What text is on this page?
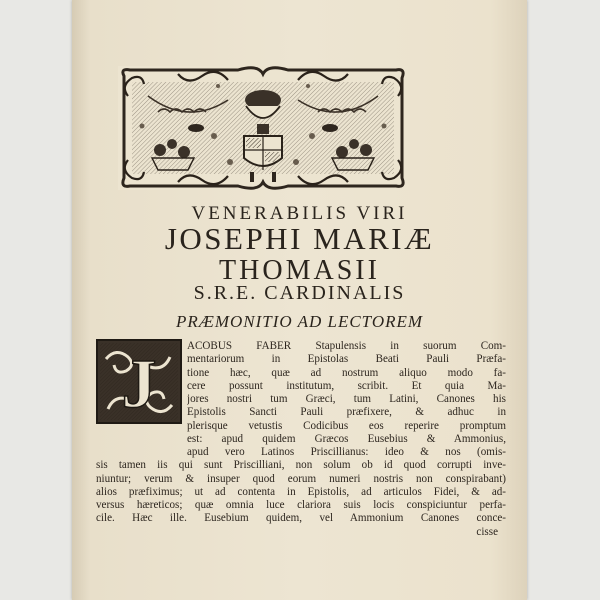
VENERABILIS VIRI
JOSEPHI MARIÆ
THOMASII
S.R.E. CARDINALIS
PRÆMONITIO AD LECTOREM
J	ACOBUS FABER Stapulensis in suorum Com-
mentariorum in Epistolas Beati Pauli Præfa-
tione hæc, quæ ad nostrum aliquo modo fa-
cere possunt institutum, scribit. Et quia Ma-
jores nostri tum Græci, tum Latini, Canones his
Epistolis Sancti Pauli præfixere, & adhuc in
plerisque vetustis Codicibus eos reperire promptum
est: apud quidem Græcos Eusebius & Ammonius,
apud vero Latinos Priscillianus: ideo & nos (omis-
sis tamen iis qui sunt Priscilliani, non solum ob id quod corrupti inve-
niuntur; verum & insuper quod eorum numeri nostris non conspirabant)
alios præfiximus; ut ad contenta in Epistolis, ad articulos Fidei, & ad-
versus hæreticos; quæ omnia luce clariora suis locis conspiciuntur perfa-
cile. Hæc ille. Eusebium quidem, vel Ammonium Canones conce-
cisse
